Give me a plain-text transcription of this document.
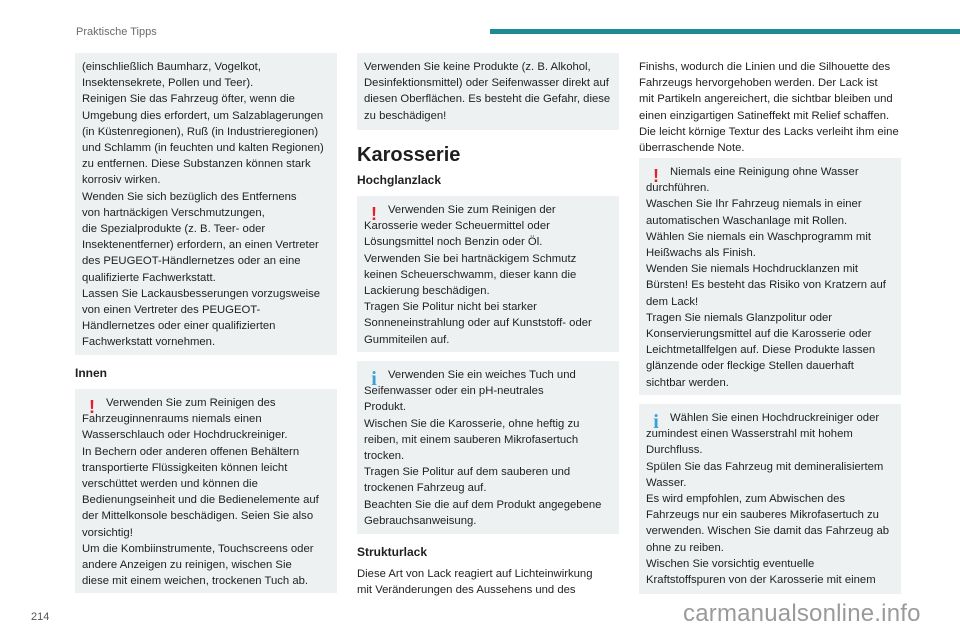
Praktische Tipps

(einschließlich Baumharz, Vogelkot,
Insektensekrete, Pollen und Teer).
Reinigen Sie das Fahrzeug öfter, wenn die
Umgebung dies erfordert, um Salzablagerungen
(in Küstenregionen), Ruß (in Industrieregionen)
und Schlamm (in feuchten und kalten Regionen)
zu entfernen. Diese Substanzen können stark
korrosiv wirken.
Wenden Sie sich bezüglich des Entfernens
von hartnäckigen Verschmutzungen,
die Spezialprodukte (z. B. Teer- oder
Insektenentferner) erfordern, an einen Vertreter
des PEUGEOT-Händlernetzes oder an eine
qualifizierte Fachwerkstatt.
Lassen Sie Lackausbesserungen vorzugsweise
von einen Vertreter des PEUGEOT-
Händlernetzes oder einer qualifizierten
Fachwerkstatt vornehmen.

Innen
! Verwenden Sie zum Reinigen des
Fahrzeuginnenraums niemals einen

Wasserschlauch oder Hochdruckreiniger.
In Bechern oder anderen offenen Behältern
transportierte Flüssigkeiten können leicht
verschüttet werden und können die
Bedienungseinheit und die Bedienelemente auf
der Mittelkonsole beschädigen. Seien Sie also
vorsichtig!
Um die Kombiinstrumente, Touchscreens oder
andere Anzeigen zu reinigen, wischen Sie
diese mit einem weichen, trockenen Tuch ab.

Verwenden Sie keine Produkte (z. B. Alkohol,
Desinfektionsmittel) oder Seifenwasser direkt auf
diesen Oberflächen. Es besteht die Gefahr, diese
zu beschädigen!

Karosserie
Hochglanzlack
! Verwenden Sie zum Reinigen der
Karosserie weder Scheuermittel oder

Lösungsmittel noch Benzin oder Öl.
Verwenden Sie bei hartnäckigem Schmutz
keinen Scheuerschwamm, dieser kann die
Lackierung beschädigen.
Tragen Sie Politur nicht bei starker
Sonneneinstrahlung oder auf Kunststoff- oder
Gummiteilen auf.

i Verwenden Sie ein weiches Tuch und
Seifenwasser oder ein pH-neutrales

Produkt.
Wischen Sie die Karosserie, ohne heftig zu
reiben, mit einem sauberen Mikrofasertuch
trocken.
Tragen Sie Politur auf dem sauberen und
trockenen Fahrzeug auf.
Beachten Sie die auf dem Produkt angegebene
Gebrauchsanweisung.

Strukturlack

Diese Art von Lack reagiert auf Lichteinwirkung
mit Veränderungen des Aussehens und des

Finishs, wodurch die Linien und die Silhouette des
Fahrzeugs hervorgehoben werden. Der Lack ist
mit Partikeln angereichert, die sichtbar bleiben und
einen einzigartigen Satineffekt mit Relief schaffen.
Die leicht körnige Textur des Lacks verleiht ihm eine
überraschende Note.

! Niemals eine Reinigung ohne Wasser
durchführen.

Waschen Sie Ihr Fahrzeug niemals in einer
automatischen Waschanlage mit Rollen.
Wählen Sie niemals ein Waschprogramm mit
Heißwachs als Finish.
Wenden Sie niemals Hochdrucklanzen mit
Bürsten! Es besteht das Risiko von Kratzern auf
dem Lack!
Tragen Sie niemals Glanzpolitur oder
Konservierungsmittel auf die Karosserie oder
Leichtmetallfelgen auf. Diese Produkte lassen
glänzende oder fleckige Stellen dauerhaft
sichtbar werden.

i Wählen Sie einen Hochdruckreiniger oder
zumindest einen Wasserstrahl mit hohem

Durchfluss.
Spülen Sie das Fahrzeug mit demineralisiertem
Wasser.
Es wird empfohlen, zum Abwischen des
Fahrzeugs nur ein sauberes Mikrofasertuch zu
verwenden. Wischen Sie damit das Fahrzeug ab
ohne zu reiben.
Wischen Sie vorsichtig eventuelle
Kraftstoffspuren von der Karosserie mit einem

214	carmanualsonline.info
